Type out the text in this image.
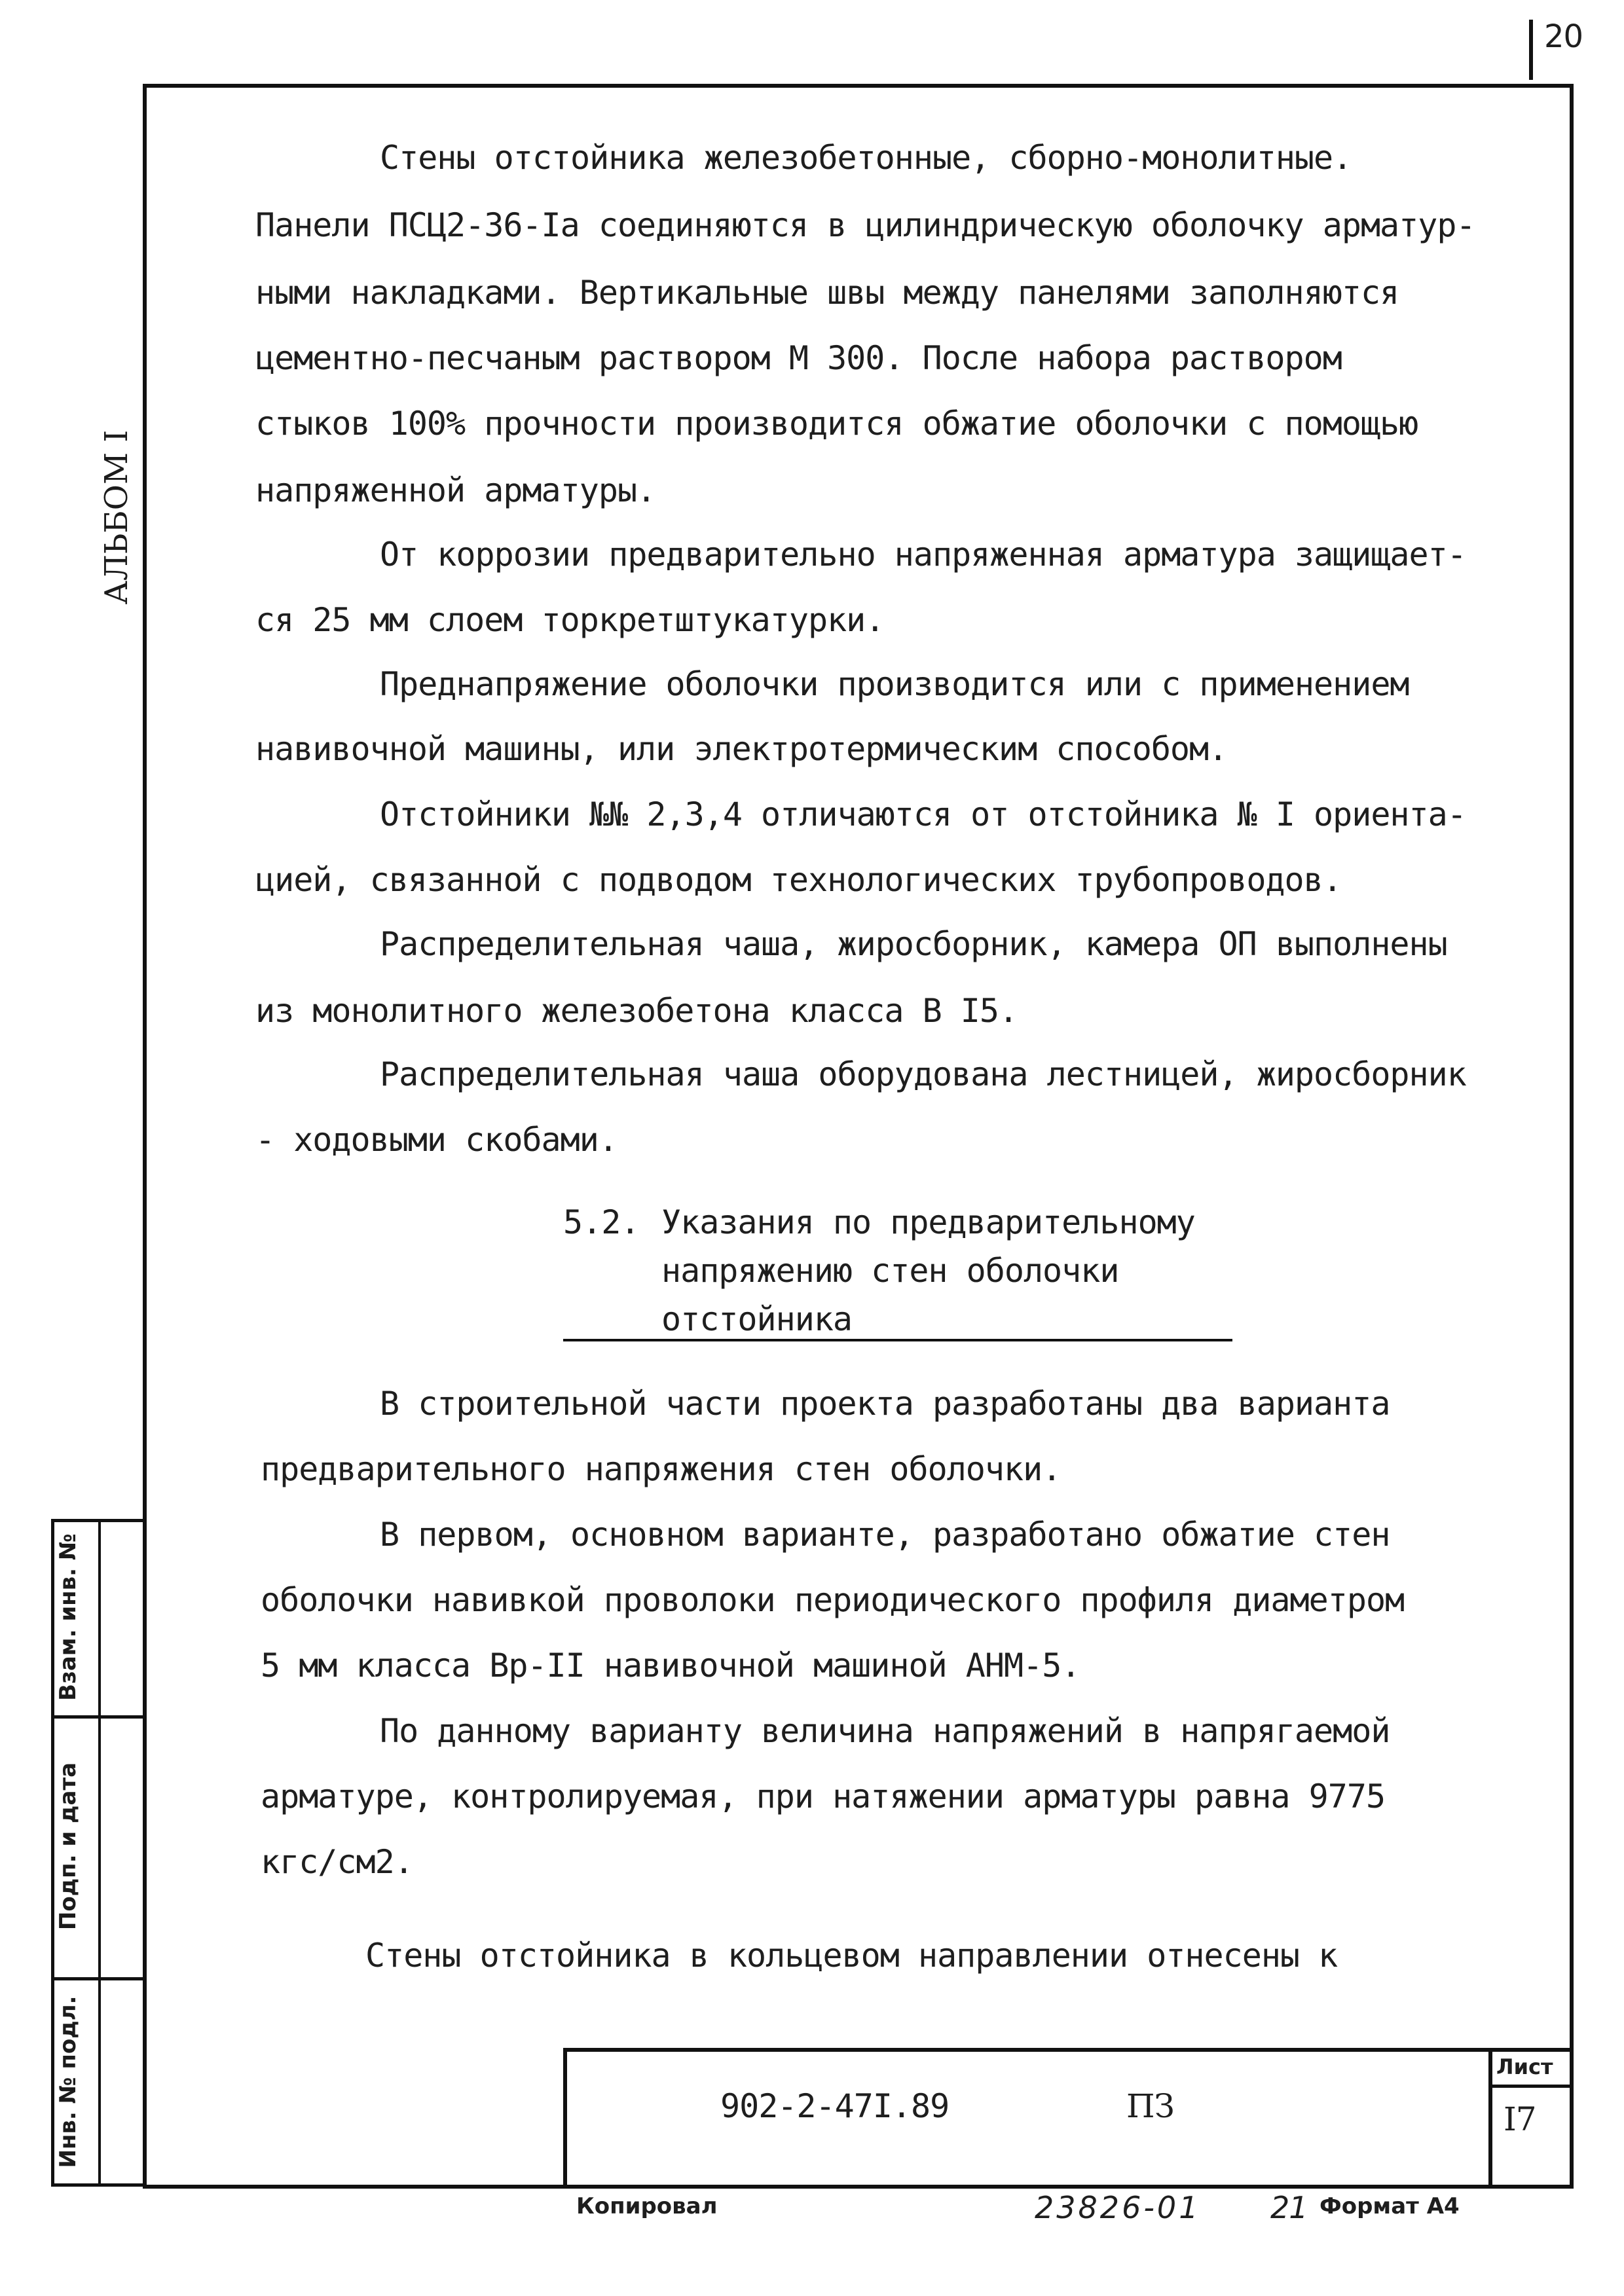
20
АЛЬБОМ I
Взам. инв. №
Подп. и дата
Инв. № подл.
Стены отстойника железобетонные, сборно-монолитные.
Панели ПСЦ2-36-Iа соединяются в цилиндрическую оболочку арматур-
ными накладками. Вертикальные швы между панелями заполняются
цементно-песчаным раствором М 300. После набора раствором
стыков 100% прочности производится обжатие оболочки с помощью
напряженной арматуры.
От коррозии предварительно напряженная арматура защищает-
ся 25 мм слоем торкретштукатурки.
Преднапряжение оболочки производится или с применением
навивочной машины, или электротермическим способом.
Отстойники №№ 2,3,4 отличаются от отстойника № I ориента-
цией, связанной с подводом технологических трубопроводов.
Распределительная чаша, жиросборник, камера ОП выполнены
из монолитного железобетона класса В I5.
Распределительная чаша оборудована лестницей, жиросборник
- ходовыми скобами.
5.2. Указания по предварительному
напряжению стен оболочки
отстойника
В строительной части проекта разработаны два варианта
предварительного напряжения стен оболочки.
В первом, основном варианте, разработано обжатие стен
оболочки навивкой проволоки периодического профиля диаметром
5 мм класса Вр-II навивочной машиной АНМ-5.
По данному варианту величина напряжений в напрягаемой
арматуре, контролируемая, при натяжении арматуры равна 9775
кгс/см2.
Стены отстойника в кольцевом направлении отнесены к
902-2-47I.89	ПЗ
Лист
I7
Копировал	23826-01 21 Формат А4
